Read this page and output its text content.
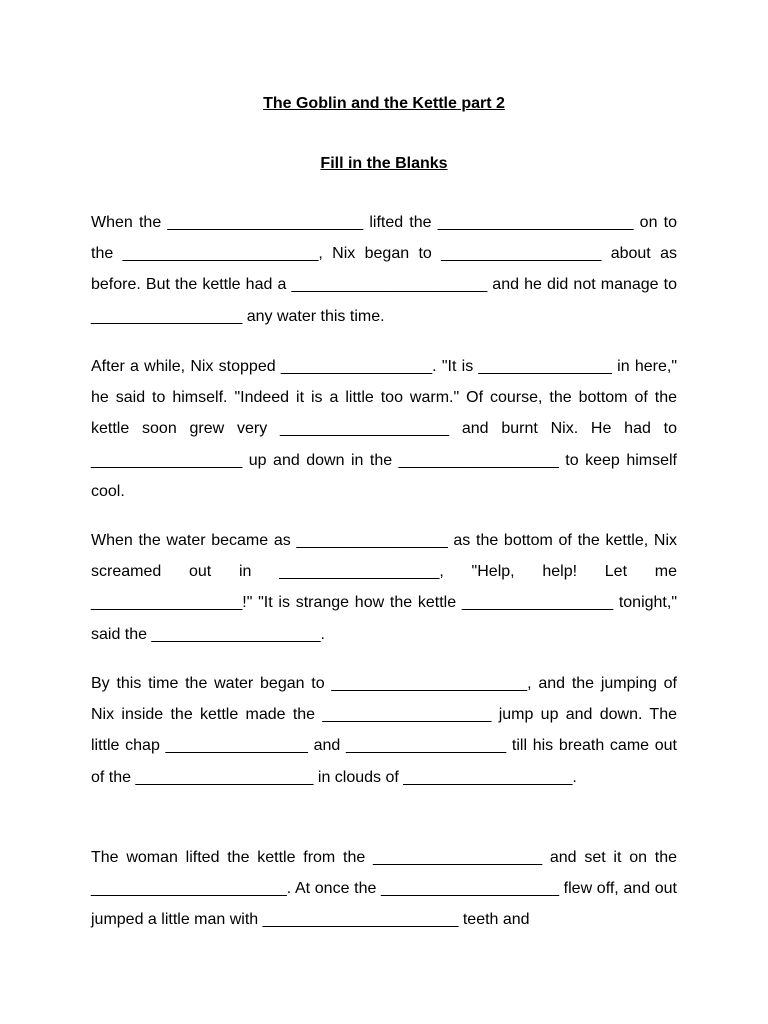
The Goblin and the Kettle part 2
Fill in the Blanks
When the ______________________ lifted the ______________________ on to the ______________________, Nix began to __________________ about as before. But the kettle had a ______________________ and he did not manage to _________________ any water this time.
After a while, Nix stopped _________________. "It is _______________ in here," he said to himself. "Indeed it is a little too warm." Of course, the bottom of the kettle soon grew very ___________________ and burnt Nix. He had to _________________ up and down in the __________________ to keep himself cool.
When the water became as _________________ as the bottom of the kettle, Nix screamed out in __________________, "Help, help! Let me _________________!" "It is strange how the kettle _________________ tonight," said the ___________________.
By this time the water began to ______________________, and the jumping of Nix inside the kettle made the ___________________ jump up and down. The little chap ________________ and __________________ till his breath came out of the ____________________ in clouds of ___________________.
The woman lifted the kettle from the ___________________ and set it on the ______________________. At once the ____________________ flew off, and out jumped a little man with ______________________ teeth and
